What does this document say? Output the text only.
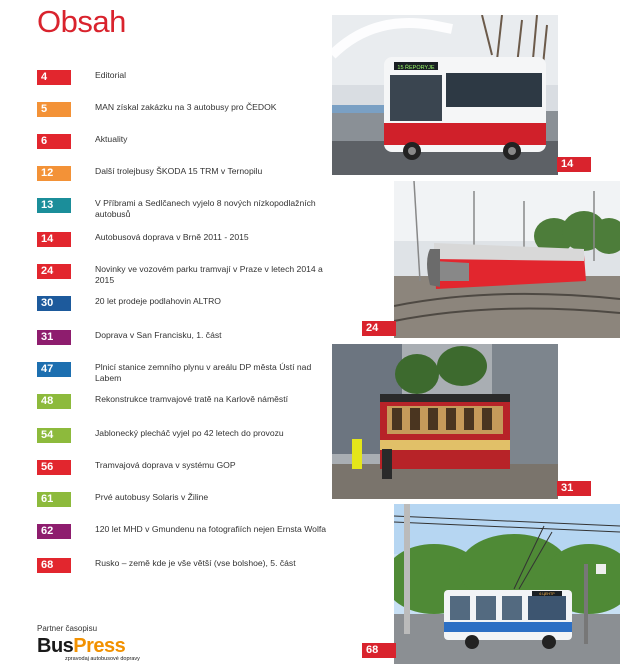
Obsah
4	Editorial
5	MAN získal zakázku na 3 autobusy pro ČEDOK
6	Aktuality
12	Další trolejbusy ŠKODA 15 TRM v Ternopilu
13	V Příbrami a Sedlčanech vyjelo 8 nových nízkopodlažních autobusů
14	Autobusová doprava v Brně 2011 - 2015
24	Novinky ve vozovém parku tramvají v Praze v letech 2014 a 2015
30	20 let prodeje podlahovin ALTRO
31	Doprava v San Francisku, 1. část
47	Plnicí stanice zemního plynu v areálu DP města Ústí nad Labem
48	Rekonstrukce tramvajové tratě na Karlově náměstí
54	Jablonecký plecháč vyjel po 42 letech do provozu
56	Tramvajová doprava v systému GOP
61	Prvé autobusy Solaris v Žiline
62	120 let MHD v Gmundenu na fotografiích nejen Ernsta Wolfa
68	Rusko – země kde je vše větší (vse bolshoe), 5. část
15 ŘEPORYJE
14
24
31
6 ЦЕНТР
68
Partner časopisu
BusPress
zpravodaj autobusové dopravy
